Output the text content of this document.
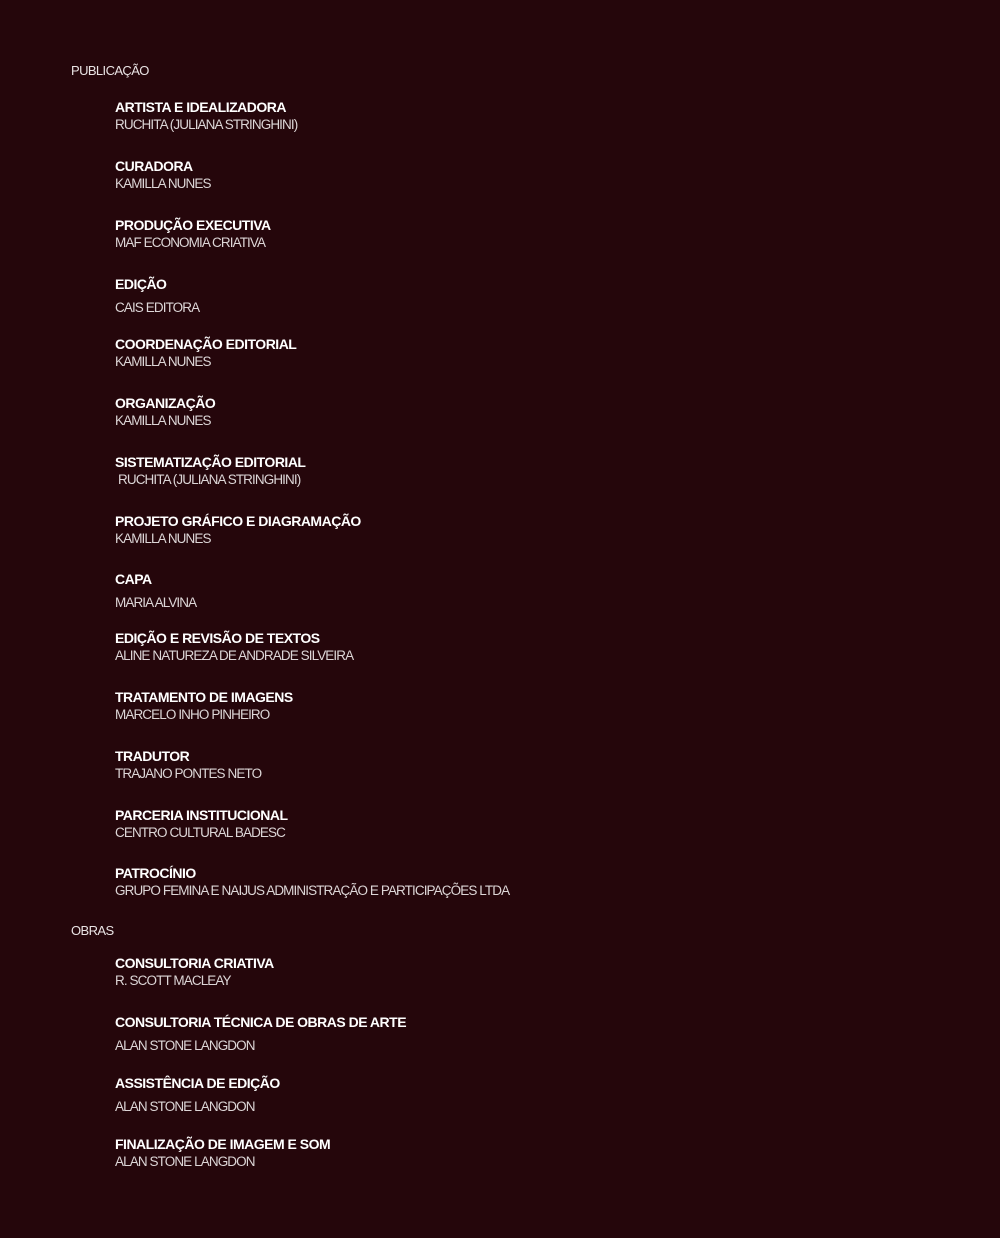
PUBLICAÇÃO

ARTISTA E IDEALIZADORA
RUCHITA (JULIANA STRINGHINI)
CURADORA
KAMILLA NUNES
PRODUÇÃO EXECUTIVA
MAF ECONOMIA CRIATIVA
EDIÇÃO
CAIS EDITORA
COORDENAÇÃO EDITORIAL
KAMILLA NUNES
ORGANIZAÇÃO
KAMILLA NUNES
SISTEMATIZAÇÃO EDITORIAL
RUCHITA (JULIANA STRINGHINI)
PROJETO GRÁFICO E DIAGRAMAÇÃO
KAMILLA NUNES
CAPA
MARIA ALVINA
EDIÇÃO E REVISÃO DE TEXTOS
ALINE NATUREZA DE ANDRADE SILVEIRA
TRATAMENTO DE IMAGENS
MARCELO INHO PINHEIRO
TRADUTOR
TRAJANO PONTES NETO
PARCERIA INSTITUCIONAL
CENTRO CULTURAL BADESC
PATROCÍNIO
GRUPO FEMINA E NAIJUS ADMINISTRAÇÃO E PARTICIPAÇÕES LTDA

OBRAS

CONSULTORIA CRIATIVA
R. SCOTT MACLEAY
CONSULTORIA TÉCNICA DE OBRAS DE ARTE
ALAN STONE LANGDON
ASSISTÊNCIA DE EDIÇÃO
ALAN STONE LANGDON
FINALIZAÇÃO DE IMAGEM E SOM
ALAN STONE LANGDON
